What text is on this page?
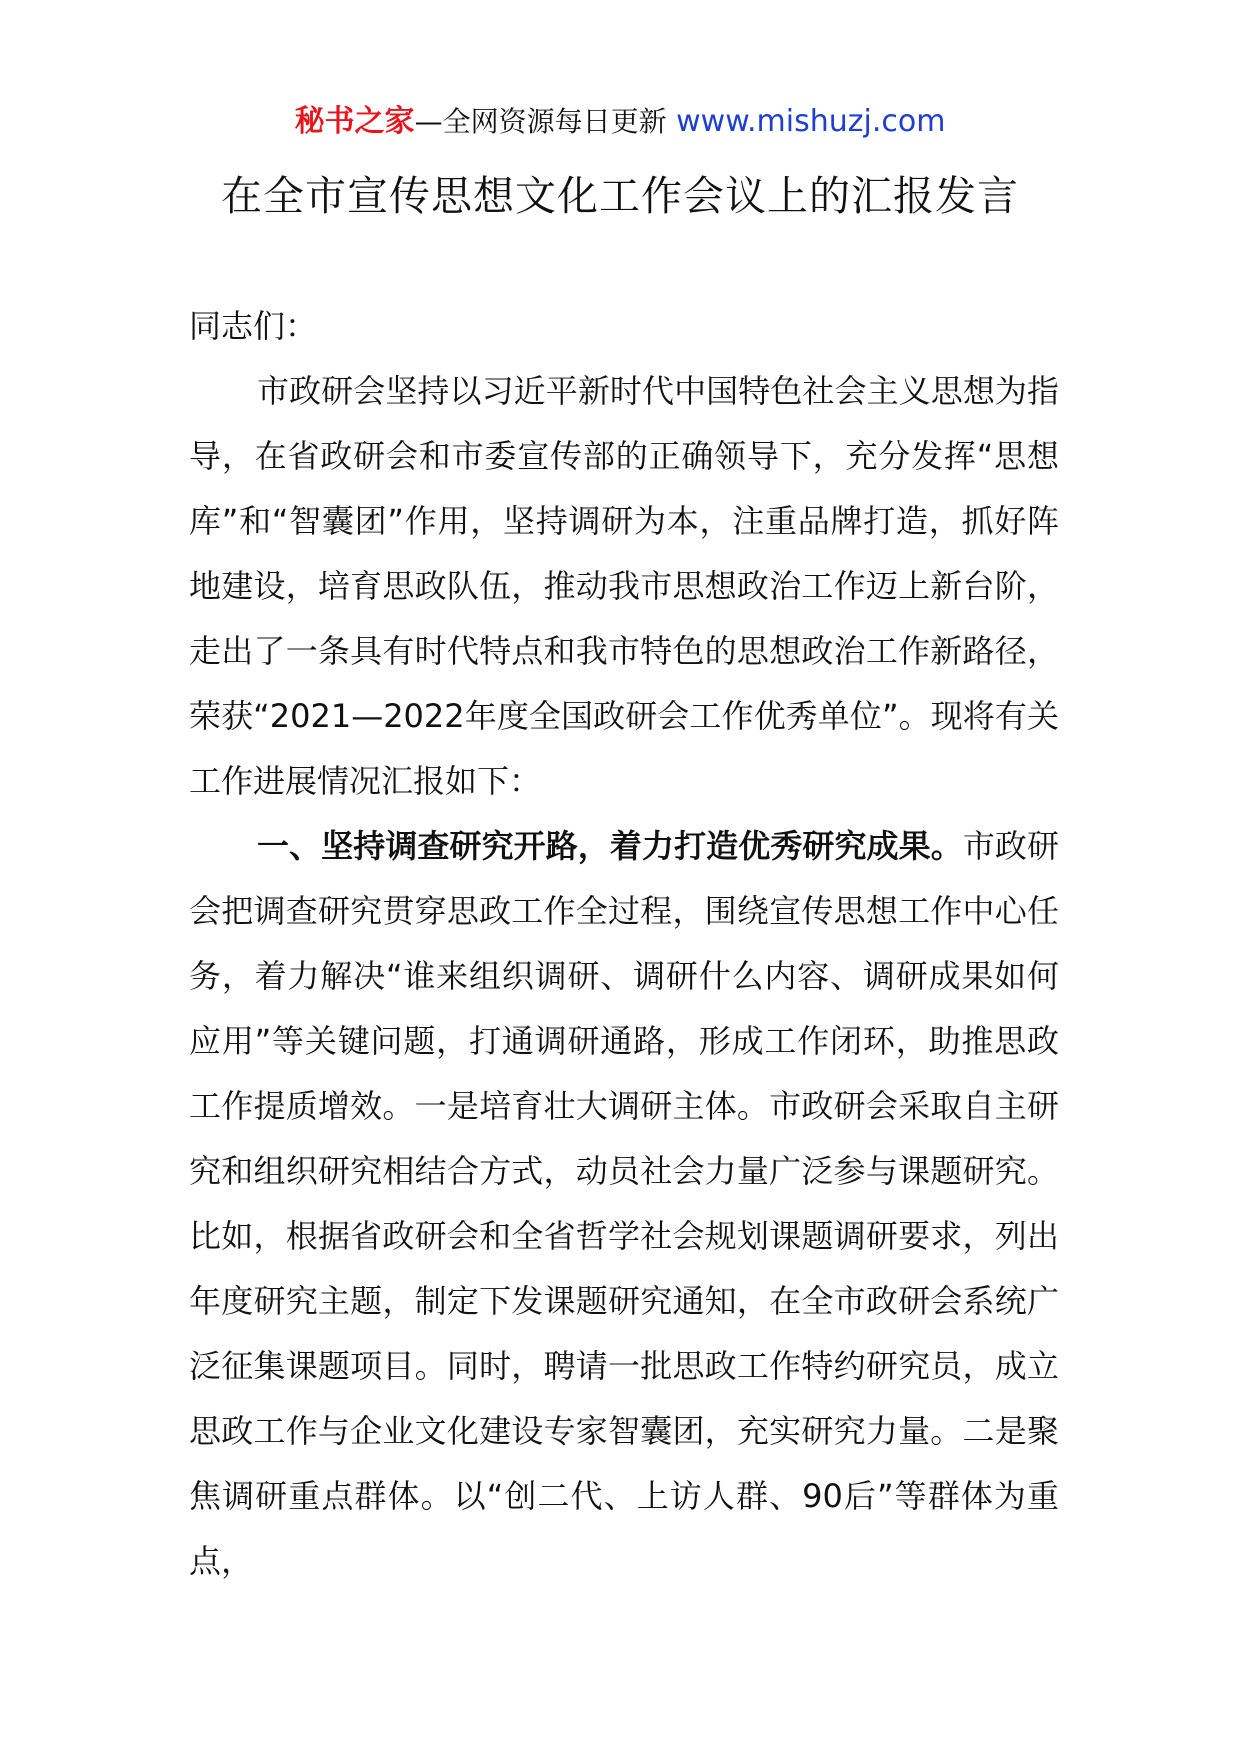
秘书之家—全网资源每日更新 www.mishuzj.com
在全市宣传思想文化工作会议上的汇报发言

同志们：

市政研会坚持以习近平新时代中国特色社会主义思想为指导，在省政研会和市委宣传部的正确领导下，充分发挥“思想库”和“智囊团”作用，坚持调研为本，注重品牌打造，抓好阵地建设，培育思政队伍，推动我市思想政治工作迈上新台阶，走出了一条具有时代特点和我市特色的思想政治工作新路径，荣获“2021—2022年度全国政研会工作优秀单位”。现将有关工作进展情况汇报如下：

一、坚持调查研究开路，着力打造优秀研究成果。市政研会把调查研究贯穿思政工作全过程，围绕宣传思想工作中心任务，着力解决“谁来组织调研、调研什么内容、调研成果如何应用”等关键问题，打通调研通路，形成工作闭环，助推思政工作提质增效。一是培育壮大调研主体。市政研会采取自主研究和组织研究相结合方式，动员社会力量广泛参与课题研究。比如，根据省政研会和全省哲学社会规划课题调研要求，列出年度研究主题，制定下发课题研究通知，在全市政研会系统广泛征集课题项目。同时，聘请一批思政工作特约研究员，成立思政工作与企业文化建设专家智囊团，充实研究力量。二是聚焦调研重点群体。以“创二代、上访人群、90后”等群体为重点，
